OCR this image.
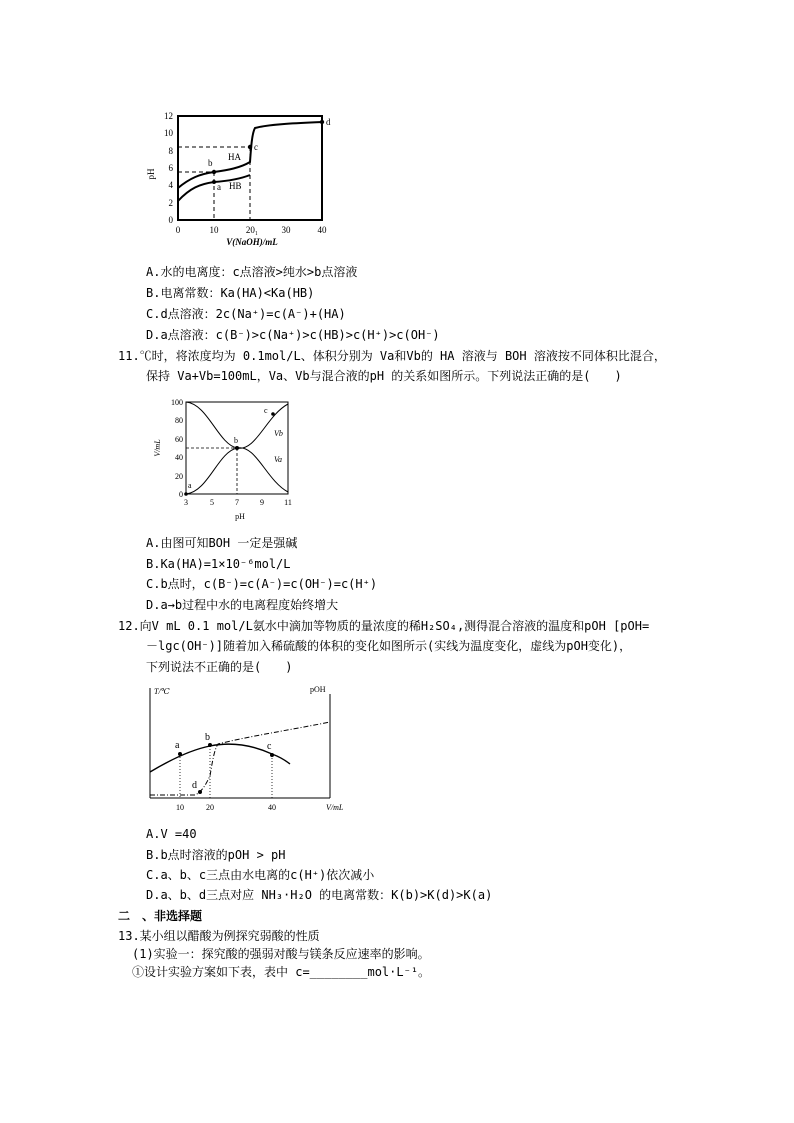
0
2
4
6
8
10
12
pH
0	10	20₁	30	40
V(NaOH)/mL
a
b
c
d
HA
HB
A.水的电离度：c点溶液>纯水>b点溶液
B.电离常数：Ka(HA)<Ka(HB)
C.d点溶液：2c(Na⁺)=c(A⁻)+(HA)
D.a点溶液：c(B⁻)>c(Na⁺)>c(HB)>c(H⁺)>c(OH⁻)
11.℃时，将浓度均为 0.1mol/L、体积分别为 Va和Vb的 HA 溶液与 BOH 溶液按不同体积比混合，
保持 Va+Vb=100mL，Va、Vb与混合液的pH 的关系如图所示。下列说法正确的是(　　)
0
20
40
60
80
100
V/mL
3	5	7	9	11
pH
a
b
c
Vb
Va
A.由图可知BOH 一定是强碱
B.Ka(HA)=1×10⁻⁶mol/L
C.b点时，c(B⁻)=c(A⁻)=c(OH⁻)=c(H⁺)
D.a→b过程中水的电离程度始终增大
12.向V mL 0.1 mol/L氨水中滴加等物质的量浓度的稀H₂SO₄,测得混合溶液的温度和pOH [pOH=
－lgc(OH⁻)]随着加入稀硫酸的体积的变化如图所示(实线为温度变化，虚线为pOH变化)，
下列说法不正确的是(　　)
T/℃	pOH
V/mL
10	20	40
a
b
c
d
A.V =40
B.b点时溶液的pOH > pH
C.a、b、c三点由水电离的c(H⁺)依次减小
D.a、b、d三点对应 NH₃·H₂O 的电离常数：K(b)>K(d)>K(a)
二　、非选择题
13.某小组以醋酸为例探究弱酸的性质
(1)实验一：探究酸的强弱对酸与镁条反应速率的影响。
①设计实验方案如下表，表中 c=________mol·L⁻¹。
